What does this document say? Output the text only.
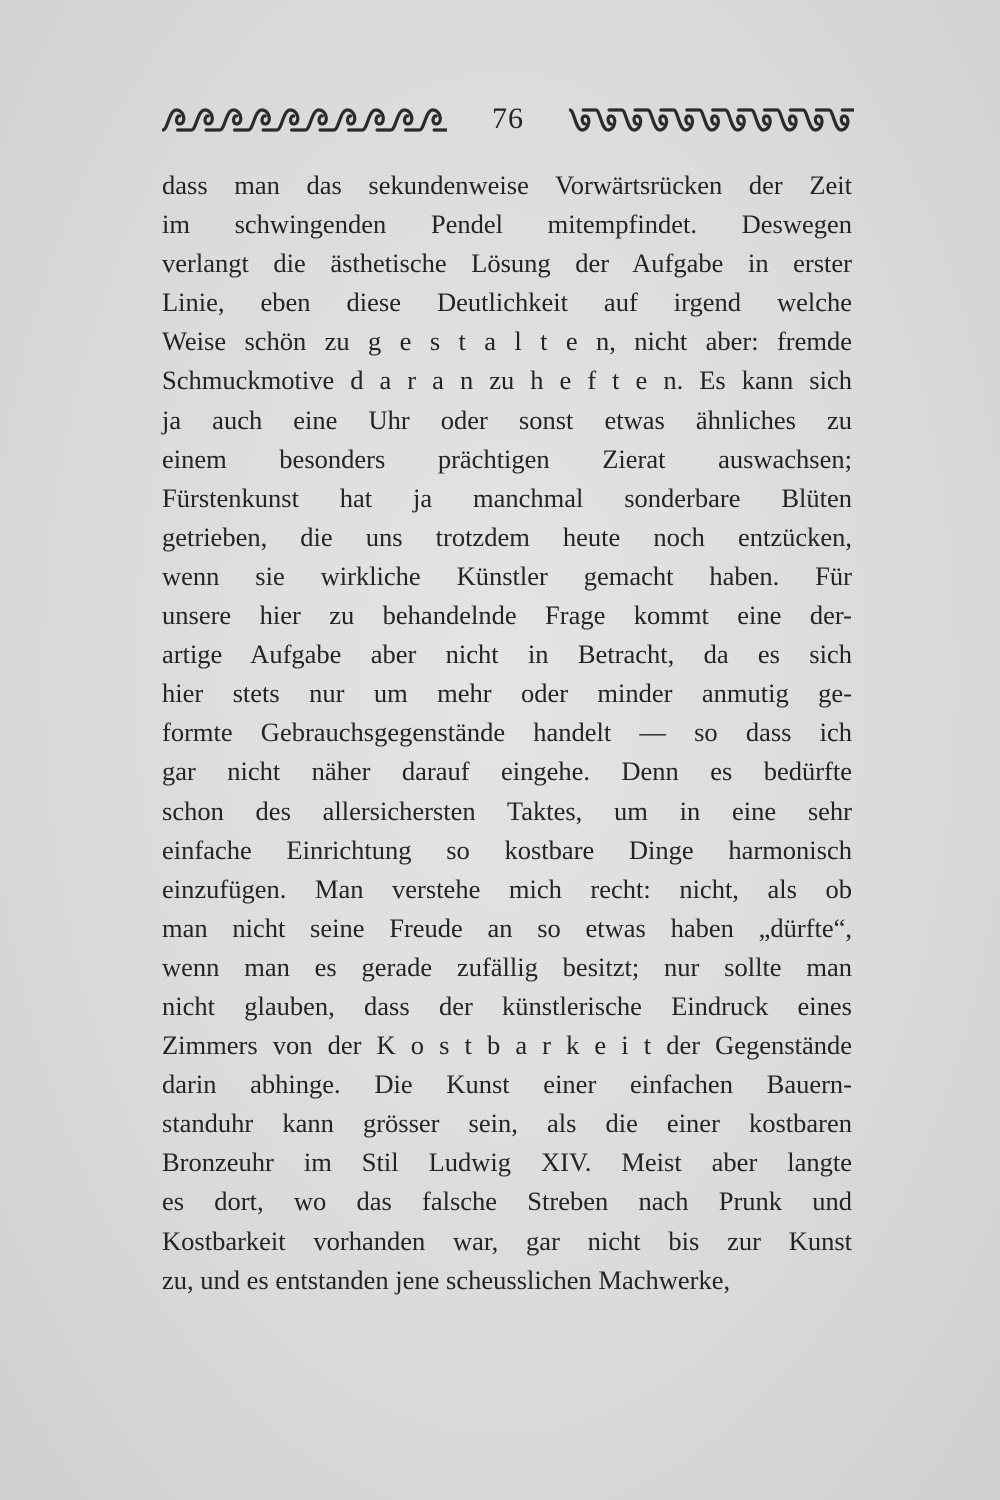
76
dass man das sekundenweise Vorwärtsrücken der Zeit
im schwingenden Pendel mitempfindet. Deswegen
verlangt die ästhetische Lösung der Aufgabe in erster
Linie, eben diese Deutlichkeit auf irgend welche
Weise schön zu g e s t a l t e n, nicht aber: fremde
Schmuckmotive d a r a n zu h e f t e n. Es kann sich
ja auch eine Uhr oder sonst etwas ähnliches zu
einem besonders prächtigen Zierat auswachsen;
Fürstenkunst hat ja manchmal sonderbare Blüten
getrieben, die uns trotzdem heute noch entzücken,
wenn sie wirkliche Künstler gemacht haben. Für
unsere hier zu behandelnde Frage kommt eine der-
artige Aufgabe aber nicht in Betracht, da es sich
hier stets nur um mehr oder minder anmutig ge-
formte Gebrauchsgegenstände handelt — so dass ich
gar nicht näher darauf eingehe. Denn es bedürfte
schon des allersichersten Taktes, um in eine sehr
einfache Einrichtung so kostbare Dinge harmonisch
einzufügen. Man verstehe mich recht: nicht, als ob
man nicht seine Freude an so etwas haben „dürfte“,
wenn man es gerade zufällig besitzt; nur sollte man
nicht glauben, dass der künstlerische Eindruck eines
Zimmers von der K o s t b a r k e i t der Gegenstände
darin abhinge. Die Kunst einer einfachen Bauern-
standuhr kann grösser sein, als die einer kostbaren
Bronzeuhr im Stil Ludwig XIV. Meist aber langte
es dort, wo das falsche Streben nach Prunk und
Kostbarkeit vorhanden war, gar nicht bis zur Kunst
zu, und es entstanden jene scheusslichen Machwerke,
